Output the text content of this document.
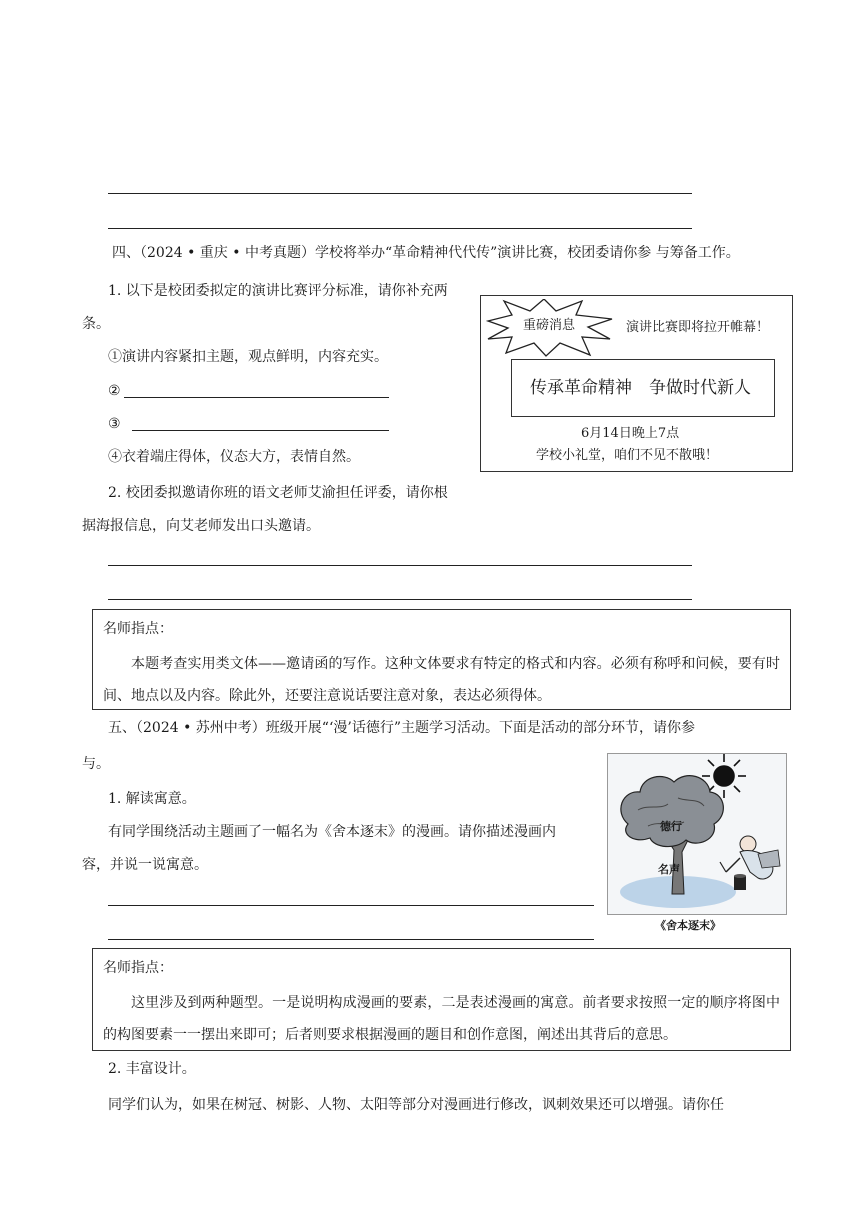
四、（2024 • 重庆 • 中考真题）学校将举办“革命精神代代传”演讲比赛，校团委请你参 与筹备工作。
1. 以下是校团委拟定的演讲比赛评分标准，请你补充两
条。
①演讲内容紧扣主题，观点鲜明，内容充实。
②
③
④衣着端庄得体，仪态大方，表情自然。
2. 校团委拟邀请你班的语文老师艾渝担任评委，请你根
据海报信息，向艾老师发出口头邀请。
重磅消息	演讲比赛即将拉开帷幕！
传承革命精神　争做时代新人
6月14日晚上7点
学校小礼堂，咱们不见不散哦！
名师指点：
本题考查实用类文体——邀请函的写作。这种文体要求有特定的格式和内容。必须有称呼和问候，要有时间、地点以及内容。除此外，还要注意说话要注意对象，表达必须得体。
五、（2024 • 苏州中考）班级开展“‘漫’话德行”主题学习活动。下面是活动的部分环节，请你参
与。
1. 解读寓意。
有同学围绕活动主题画了一幅名为《舍本逐末》的漫画。请你描述漫画内
容，并说一说寓意。
德行
名声
《舍本逐末》
名师指点：
这里涉及到两种题型。一是说明构成漫画的要素，二是表述漫画的寓意。前者要求按照一定的顺序将图中的构图要素一一摆出来即可；后者则要求根据漫画的题目和创作意图，阐述出其背后的意思。
2. 丰富设计。
同学们认为，如果在树冠、树影、人物、太阳等部分对漫画进行修改，讽刺效果还可以增强。请你任
